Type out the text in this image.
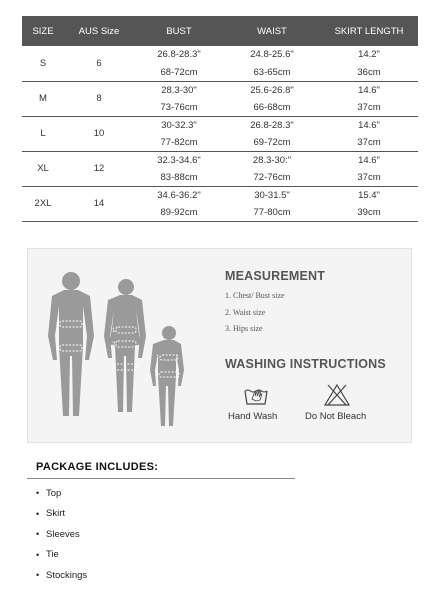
SIZE	AUS Size	BUST	WAIST	SKIRT LENGTH
S	6	26.8-28.3"	24.8-25.6"	14.2"
		68-72cm	63-65cm	36cm
M	8	28.3-30"	25.6-26.8"	14.6"
		73-76cm	66-68cm	37cm
L	10	30-32.3"	26.8-28.3"	14.6"
		77-82cm	69-72cm	37cm
XL	12	32.3-34.6"	28.3-30:"	14.6"
		83-88cm	72-76cm	37cm
2XL	14	34.6-36.2"	30-31.5"	15.4"
		89-92cm	77-80cm	39cm
1
2
1
2
3
1
3
MEASUREMENT
1. Chest/ Bust size
2. Waist size
3. Hips size
WASHING INSTRUCTIONS
Hand Wash	Do Not Bleach
PACKAGE INCLUDES:
• Top
• Skirt
• Sleeves
• Tie
• Stockings
